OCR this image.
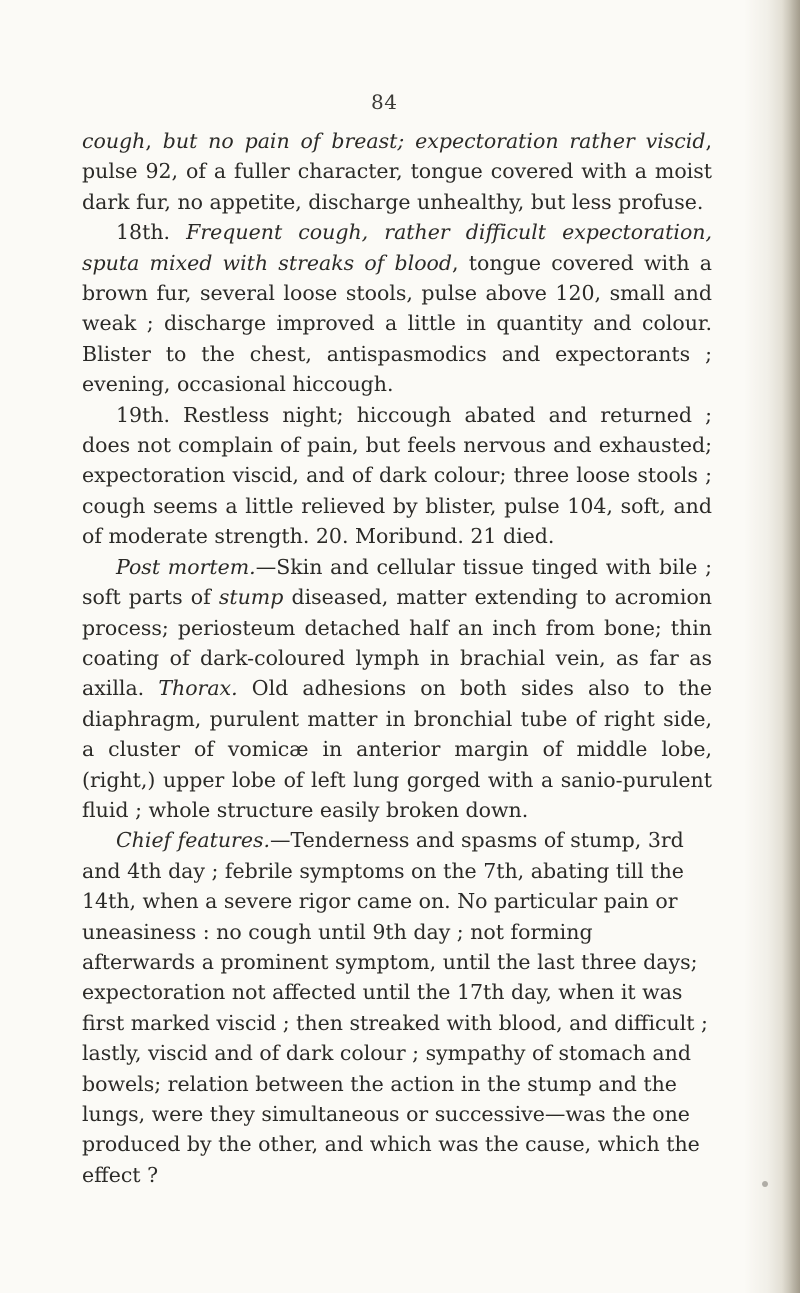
84

cough, but no pain of breast; expectoration rather viscid, pulse 92, of a fuller character, tongue covered with a moist dark fur, no appetite, discharge unhealthy, but less profuse.

18th. Frequent cough, rather difficult expectoration, sputa mixed with streaks of blood, tongue covered with a brown fur, several loose stools, pulse above 120, small and weak ; discharge improved a little in quantity and colour. Blister to the chest, antispasmodics and expectorants ; evening, occasional hiccough.

19th. Restless night; hiccough abated and returned ; does not complain of pain, but feels nervous and exhausted; expectoration viscid, and of dark colour; three loose stools ; cough seems a little relieved by blister, pulse 104, soft, and of moderate strength. 20. Moribund. 21 died.

Post mortem.—Skin and cellular tissue tinged with bile ; soft parts of stump diseased, matter extending to acromion process; periosteum detached half an inch from bone; thin coating of dark-coloured lymph in brachial vein, as far as axilla. Thorax. Old adhesions on both sides also to the diaphragm, purulent matter in bronchial tube of right side, a cluster of vomicæ in anterior margin of middle lobe, (right,) upper lobe of left lung gorged with a sanio-purulent fluid ; whole structure easily broken down.

Chief features.—Tenderness and spasms of stump, 3rd and 4th day ; febrile symptoms on the 7th, abating till the 14th, when a severe rigor came on. No particular pain or uneasiness : no cough until 9th day ; not forming afterwards a prominent symptom, until the last three days; expectoration not affected until the 17th day, when it was first marked viscid ; then streaked with blood, and difficult ; lastly, viscid and of dark colour ; sympathy of stomach and bowels; relation between the action in the stump and the lungs, were they simultaneous or successive—was the one produced by the other, and which was the cause, which the effect ?
